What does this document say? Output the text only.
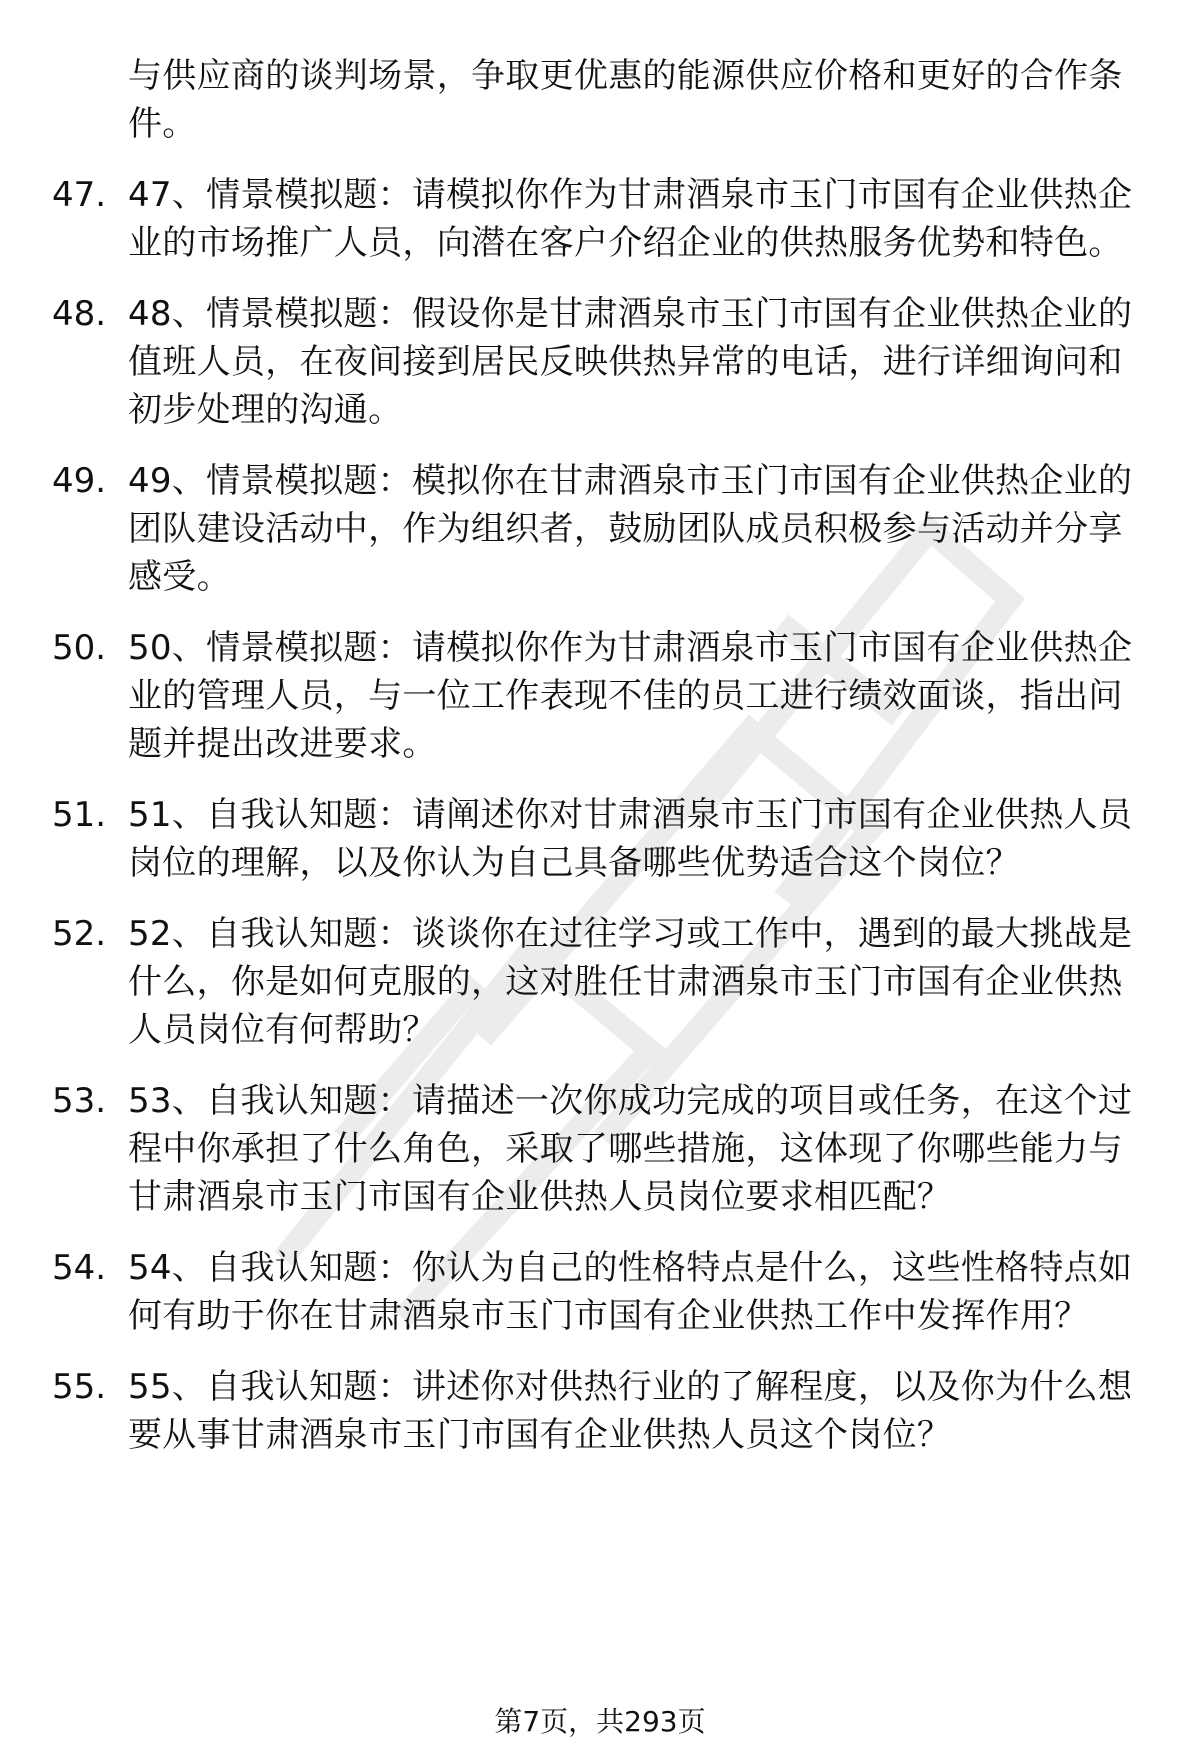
与供应商的谈判场景，争取更优惠的能源供应价格和更好的合作条件。
47. 47、情景模拟题：请模拟你作为甘肃酒泉市玉门市国有企业供热企业的市场推广人员，向潜在客户介绍企业的供热服务优势和特色。
48. 48、情景模拟题：假设你是甘肃酒泉市玉门市国有企业供热企业的值班人员，在夜间接到居民反映供热异常的电话，进行详细询问和初步处理的沟通。
49. 49、情景模拟题：模拟你在甘肃酒泉市玉门市国有企业供热企业的团队建设活动中，作为组织者，鼓励团队成员积极参与活动并分享感受。
50. 50、情景模拟题：请模拟你作为甘肃酒泉市玉门市国有企业供热企业的管理人员，与一位工作表现不佳的员工进行绩效面谈，指出问题并提出改进要求。
51. 51、自我认知题：请阐述你对甘肃酒泉市玉门市国有企业供热人员岗位的理解，以及你认为自己具备哪些优势适合这个岗位？
52. 52、自我认知题：谈谈你在过往学习或工作中，遇到的最大挑战是什么，你是如何克服的，这对胜任甘肃酒泉市玉门市国有企业供热人员岗位有何帮助？
53. 53、自我认知题：请描述一次你成功完成的项目或任务，在这个过程中你承担了什么角色，采取了哪些措施，这体现了你哪些能力与甘肃酒泉市玉门市国有企业供热人员岗位要求相匹配？
54. 54、自我认知题：你认为自己的性格特点是什么，这些性格特点如何有助于你在甘肃酒泉市玉门市国有企业供热工作中发挥作用？
55. 55、自我认知题：讲述你对供热行业的了解程度，以及你为什么想要从事甘肃酒泉市玉门市国有企业供热人员这个岗位？
第7页，共293页
